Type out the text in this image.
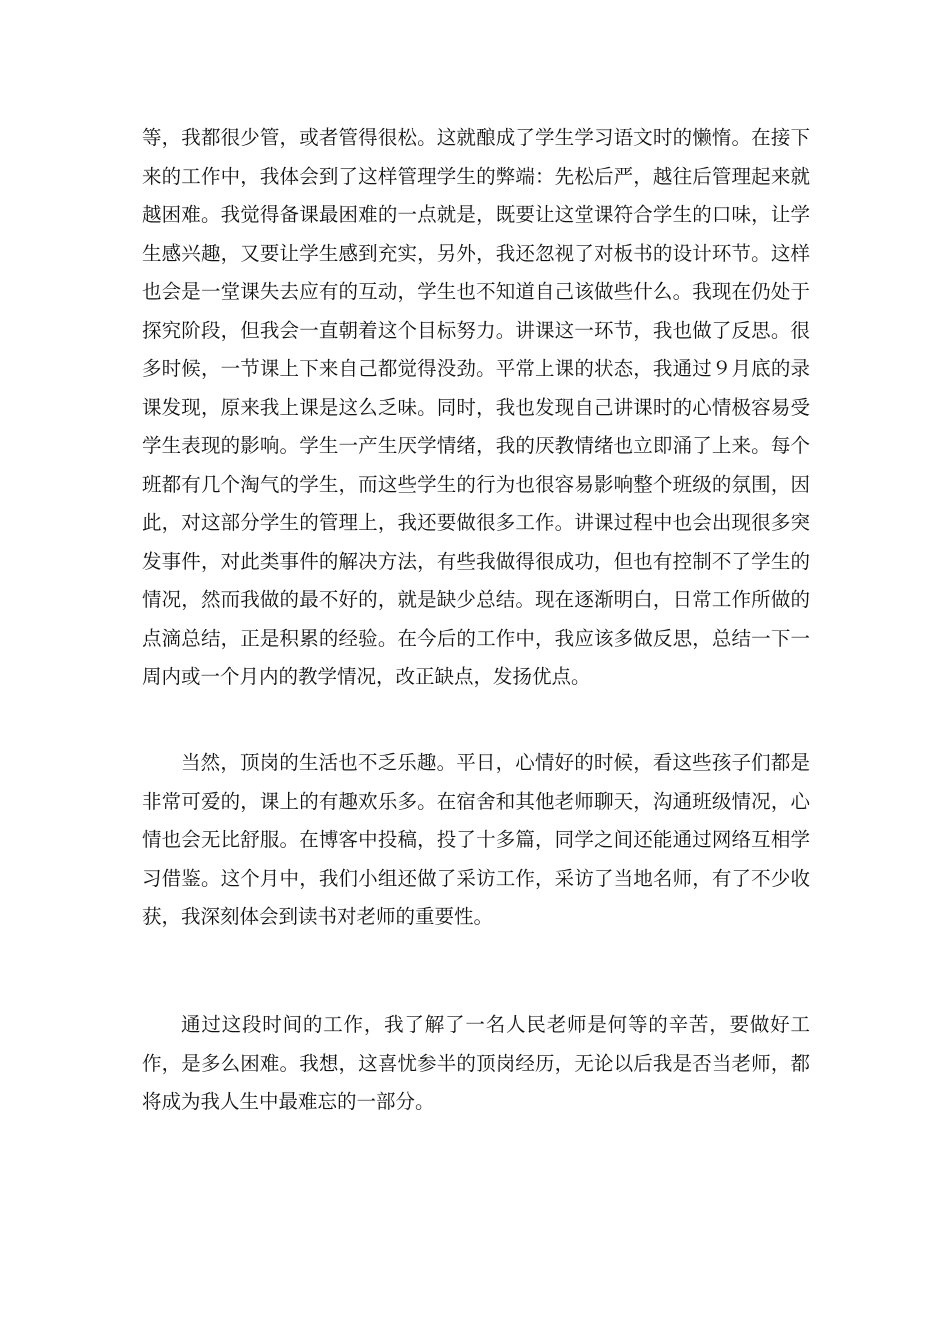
等，我都很少管，或者管得很松。这就酿成了学生学习语文时的懒惰。在接下来的工作中，我体会到了这样管理学生的弊端：先松后严，越往后管理起来就越困难。我觉得备课最困难的一点就是，既要让这堂课符合学生的口味，让学生感兴趣，又要让学生感到充实，另外，我还忽视了对板书的设计环节。这样也会是一堂课失去应有的互动，学生也不知道自己该做些什么。我现在仍处于探究阶段，但我会一直朝着这个目标努力。讲课这一环节，我也做了反思。很多时候，一节课上下来自己都觉得没劲。平常上课的状态，我通过９月底的录课发现，原来我上课是这么乏味。同时，我也发现自己讲课时的心情极容易受学生表现的影响。学生一产生厌学情绪，我的厌教情绪也立即涌了上来。每个班都有几个淘气的学生，而这些学生的行为也很容易影响整个班级的氛围，因此，对这部分学生的管理上，我还要做很多工作。讲课过程中也会出现很多突发事件，对此类事件的解决方法，有些我做得很成功，但也有控制不了学生的情况，然而我做的最不好的，就是缺少总结。现在逐渐明白，日常工作所做的点滴总结，正是积累的经验。在今后的工作中，我应该多做反思，总结一下一周内或一个月内的教学情况，改正缺点，发扬优点。

当然，顶岗的生活也不乏乐趣。平日，心情好的时候，看这些孩子们都是非常可爱的，课上的有趣欢乐多。在宿舍和其他老师聊天，沟通班级情况，心情也会无比舒服。在博客中投稿，投了十多篇，同学之间还能通过网络互相学习借鉴。这个月中，我们小组还做了采访工作，采访了当地名师，有了不少收获，我深刻体会到读书对老师的重要性。

通过这段时间的工作，我了解了一名人民老师是何等的辛苦，要做好工作，是多么困难。我想，这喜忧参半的顶岗经历，无论以后我是否当老师，都将成为我人生中最难忘的一部分。
